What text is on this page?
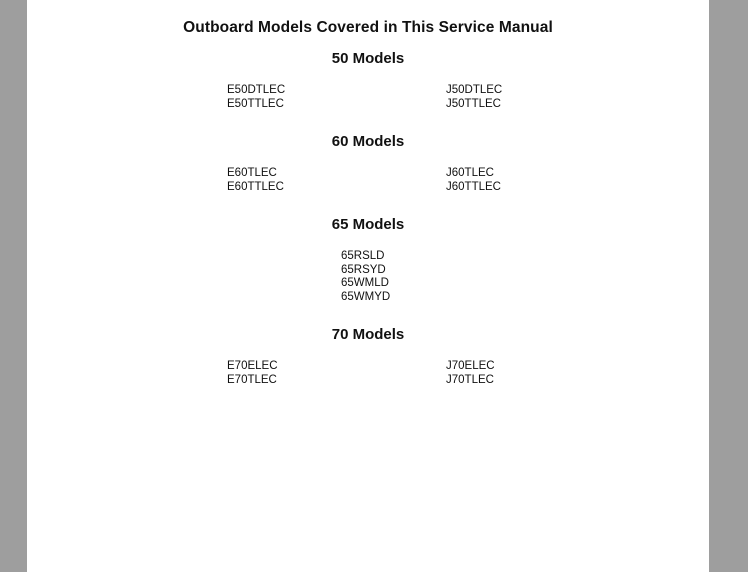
Outboard Models Covered in This Service Manual
50 Models
E50DTLEC
E50TTLEC
J50DTLEC
J50TTLEC
60 Models
E60TLEC
E60TTLEC
J60TLEC
J60TTLEC
65 Models
65RSLD
65RSYD
65WMLD
65WMYD
70 Models
E70ELEC
E70TLEC
J70ELEC
J70TLEC
